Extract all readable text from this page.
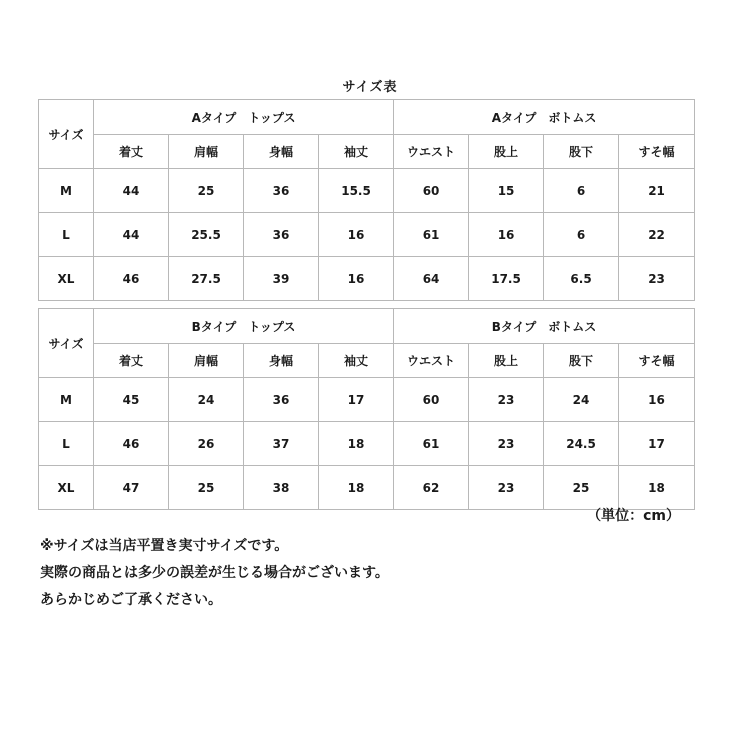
サイズ表
サイズ	Aタイプ　トップス				Aタイプ　ボトムス			
	着丈	肩幅	身幅	袖丈	ウエスト	股上	股下	すそ幅
M	44	25	36	15.5	60	15	6	21
L	44	25.5	36	16	61	16	6	22
XL	46	27.5	39	16	64	17.5	6.5	23
サイズ	Bタイプ　トップス				Bタイプ　ボトムス			
	着丈	肩幅	身幅	袖丈	ウエスト	股上	股下	すそ幅
M	45	24	36	17	60	23	24	16
L	46	26	37	18	61	23	24.5	17
XL	47	25	38	18	62	23	25	18
（単位：cm）
※サイズは当店平置き実寸サイズです。
実際の商品とは多少の誤差が生じる場合がございます。
あらかじめご了承ください。
